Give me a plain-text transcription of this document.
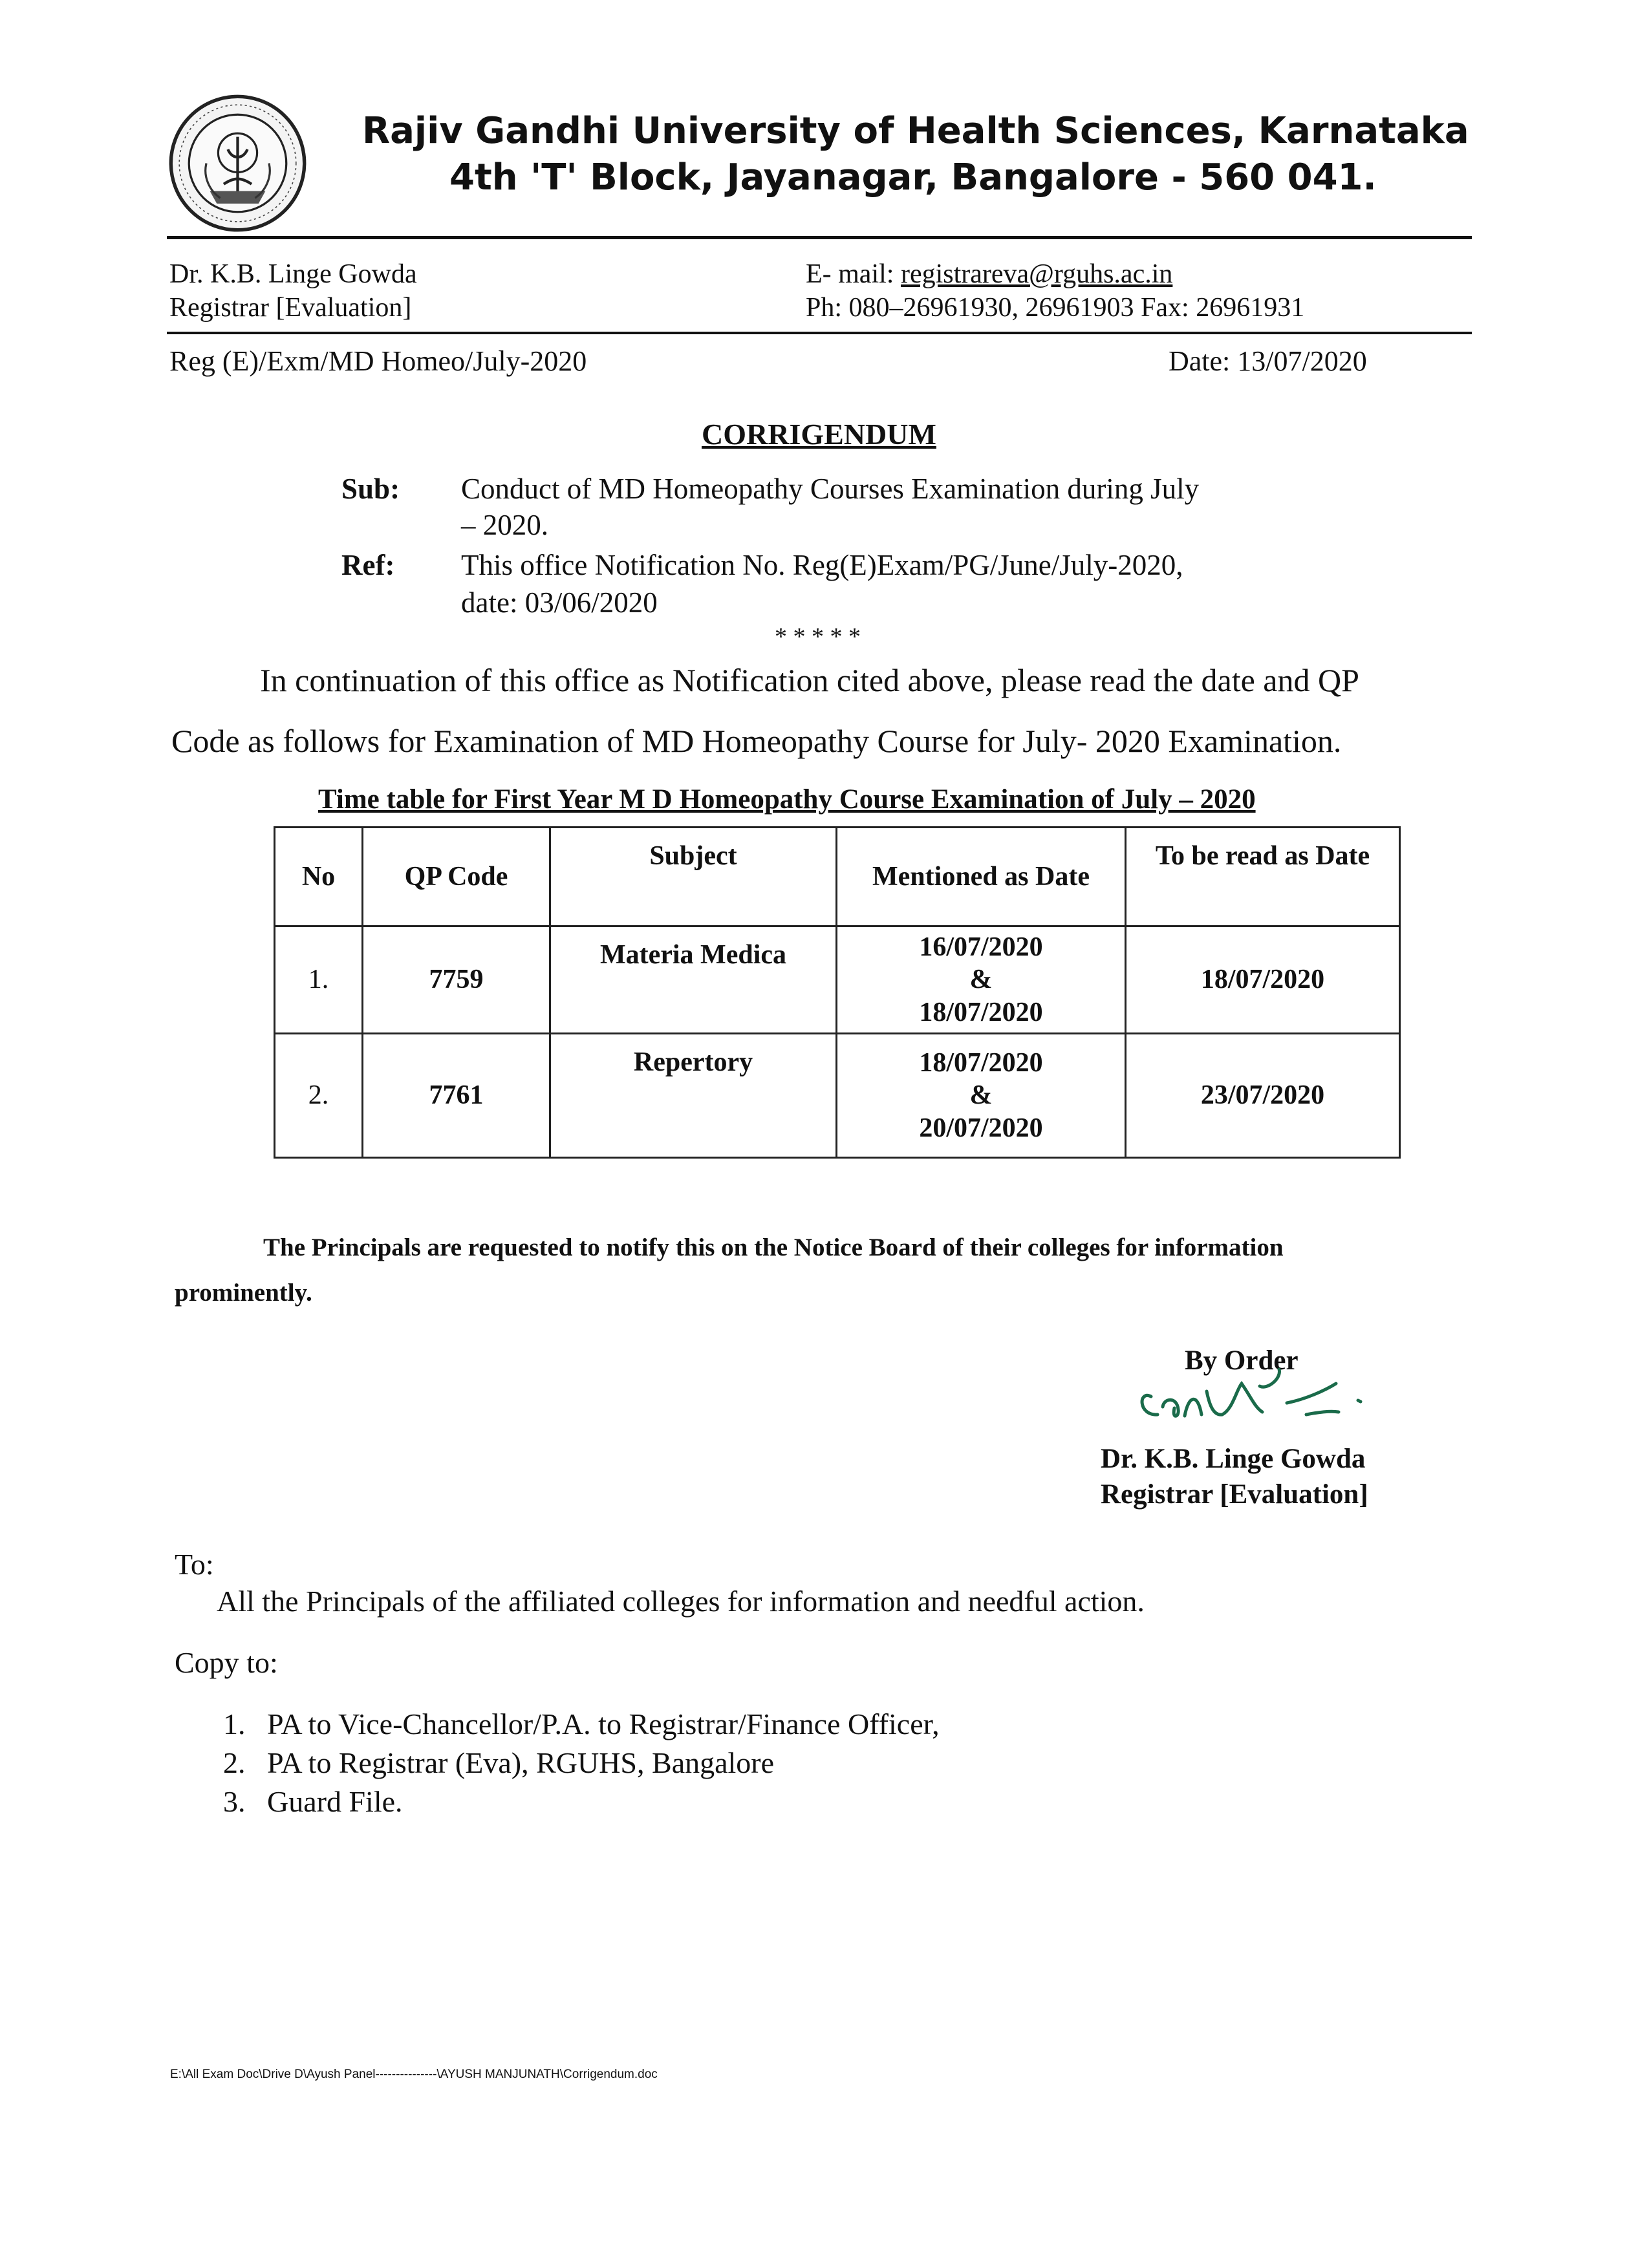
Rajiv Gandhi University of Health Sciences, Karnataka
4th 'T' Block, Jayanagar, Bangalore - 560 041.
Dr. K.B. Linge Gowda
Registrar [Evaluation]
E- mail: registrareva@rguhs.ac.in
Ph: 080–26961930, 26961903 Fax: 26961931
Reg (E)/Exm/MD Homeo/July-2020	Date: 13/07/2020
CORRIGENDUM
Sub: Conduct of MD Homeopathy Courses Examination during July
– 2020.
Ref: This office Notification No. Reg(E)Exam/PG/June/July-2020,
date: 03/06/2020
* * * * *
In continuation of this office as Notification cited above, please read the date and QP
Code as follows for Examination of MD Homeopathy Course for July- 2020 Examination.
Time table for First Year M D Homeopathy Course Examination of July – 2020
No	QP Code	Subject	Mentioned as Date	To be read as Date
1.	7759	Materia Medica	16/07/2020
&
18/07/2020	18/07/2020
2.	7761	Repertory	18/07/2020
&
20/07/2020	23/07/2020
The Principals are requested to notify this on the Notice Board of their colleges for information
prominently.
By Order
Dr. K.B. Linge Gowda
Registrar [Evaluation]
To:
All the Principals of the affiliated colleges for information and needful action.
Copy to:
1. PA to Vice-Chancellor/P.A. to Registrar/Finance Officer,
2. PA to Registrar (Eva), RGUHS, Bangalore
3. Guard File.
E:\All Exam Doc\Drive D\Ayush Panel---------------\AYUSH MANJUNATH\Corrigendum.doc
